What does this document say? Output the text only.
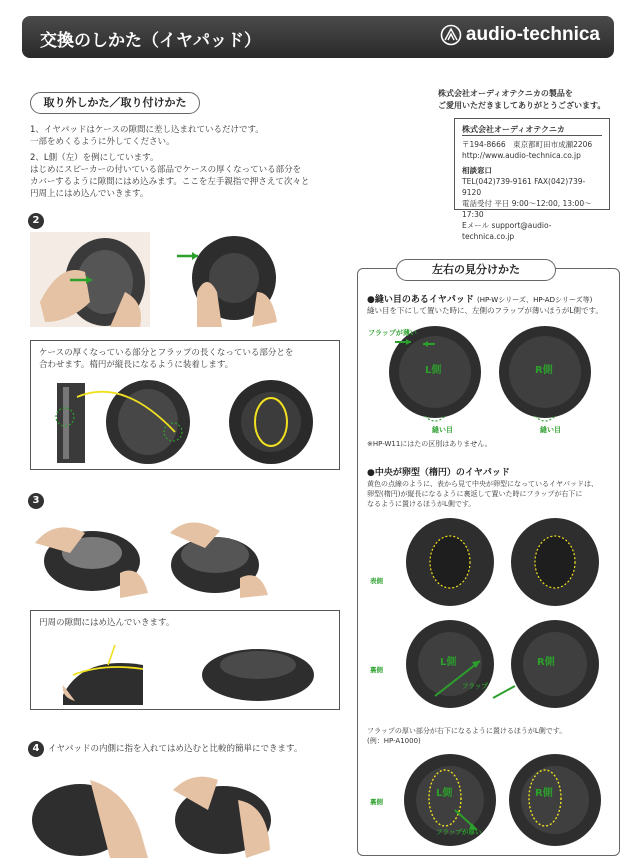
交換のしかた（イヤパッド）	audio-technica
取り外しかた／取り付けかた
1、イヤパッドはケースの隙間に差し込まれているだけです。
一部をめくるように外してください。
2、L側（左）を例にしています。
はじめにスピーカーの付いている部品でケースの厚くなっている部分を
カバーするように隙間にはめ込みます。ここを左手親指で押さえて次々と
円周上にはめ込んでいきます。
2
ケースの厚くなっている部分とフラップの長くなっている部分とを
合わせます。楕円が縦長になるように装着します。
3
円周の隙間にはめ込んでいきます。
4	イヤパッドの内側に指を入れてはめ込むと比較的簡単にできます。
株式会社オーディオテクニカの製品を
ご愛用いただきましてありがとうございます。
株式会社オーディオテクニカ
〒194-8666　東京都町田市成瀬2206
http://www.audio-technica.co.jp
相談窓口
TEL(042)739-9161 FAX(042)739-9120
電話受付 平日 9:00～12:00, 13:00～17:30
Eメール support@audio-technica.co.jp
左右の見分けかた
●縫い目のあるイヤパッド (HP-Wシリーズ、HP-ADシリーズ等)
縫い目を下にして置いた時に、左側のフラップが薄いほうがL側です。
フラップが薄い
L側	R側
縫い目	縫い目
※HP-W11にはたの区別はありません。
●中央が卵型（楕円）のイヤパッド
黄色の点線のように、表から見て中央が卵型になっているイヤパッドは、
卵型(楕円)が縦長になるように裏返して置いた時にフラップが右下に
なるように置けるほうがL側です。
表側
裏側
L側	R側
フラップ
フラップの厚い部分が右下になるように置けるほうがL側です。
(例：HP-A1000)
裏側
L側	R側
フラップが厚い
